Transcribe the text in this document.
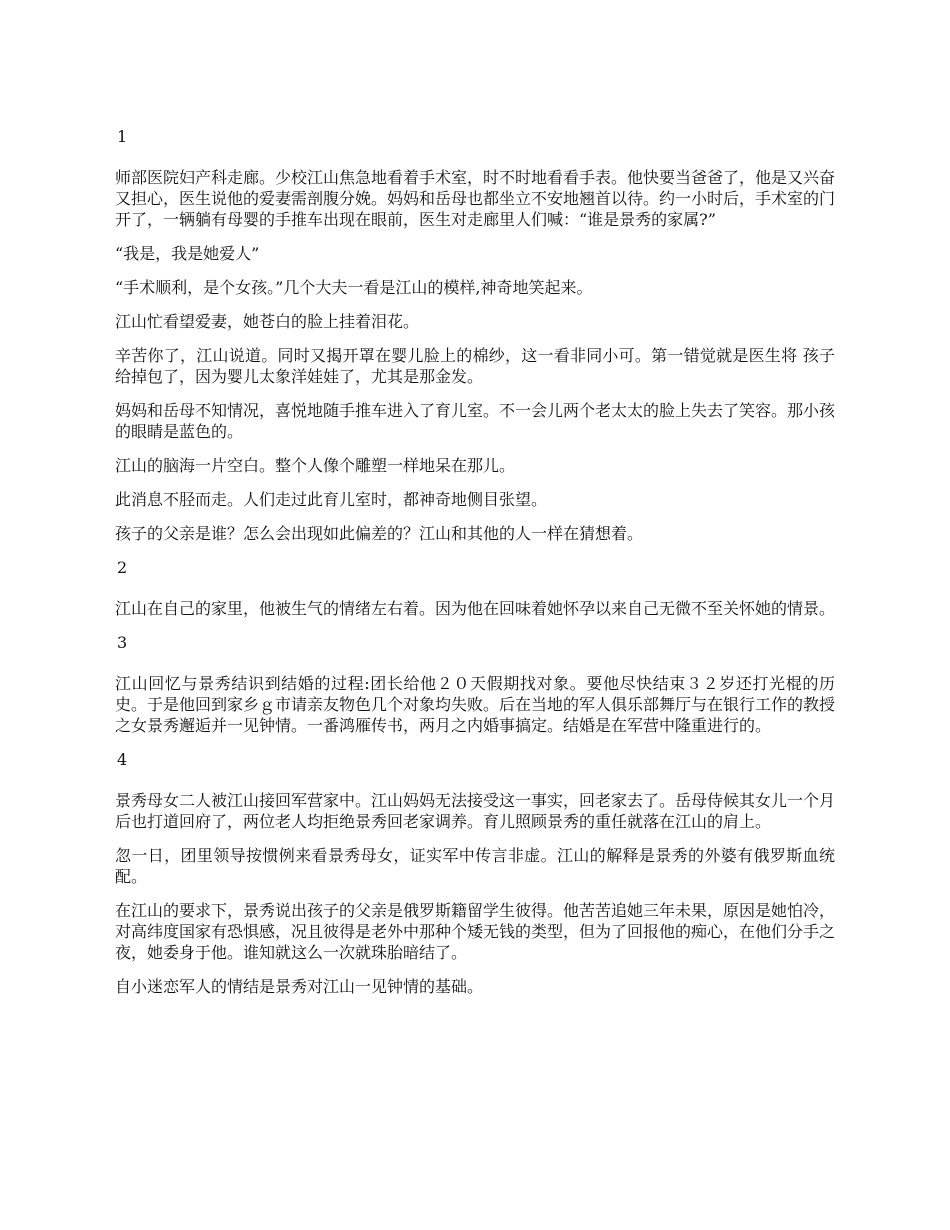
1

师部医院妇产科走廊。少校江山焦急地看着手术室，时不时地看看手表。他快要当爸爸了，他是又兴奋又担心，医生说他的爱妻需剖腹分娩。妈妈和岳母也都坐立不安地翘首以待。约一小时后，手术室的门开了，一辆躺有母婴的手推车出现在眼前，医生对走廊里人们喊：“谁是景秀的家属?”

“我是，我是她爱人”

“手术顺利，是个女孩。”几个大夫一看是江山的模样,神奇地笑起来。

江山忙看望爱妻，她苍白的脸上挂着泪花。

辛苦你了，江山说道。同时又揭开罩在婴儿脸上的棉纱，这一看非同小可。第一错觉就是医生将 孩子给掉包了，因为婴儿太象洋娃娃了，尤其是那金发。

妈妈和岳母不知情况，喜悦地随手推车进入了育儿室。不一会儿两个老太太的脸上失去了笑容。那小孩的眼睛是蓝色的。

江山的脑海一片空白。整个人像个雕塑一样地呆在那儿。

此消息不胫而走。人们走过此育儿室时，都神奇地侧目张望。

孩子的父亲是谁？怎么会出现如此偏差的？江山和其他的人一样在猜想着。

2

江山在自己的家里，他被生气的情绪左右着。因为他在回味着她怀孕以来自己无微不至关怀她的情景。

3

江山回忆与景秀结识到结婚的过程:团长给他２０天假期找对象。要他尽快结束３２岁还打光棍的历史。于是他回到家乡ｇ市请亲友物色几个对象均失败。后在当地的军人俱乐部舞厅与在银行工作的教授之女景秀邂逅并一见钟情。一番鸿雁传书，两月之内婚事搞定。结婚是在军营中隆重进行的。

4

景秀母女二人被江山接回军营家中。江山妈妈无法接受这一事实，回老家去了。岳母侍候其女儿一个月后也打道回府了，两位老人均拒绝景秀回老家调养。育儿照顾景秀的重任就落在江山的肩上。

忽一日，团里领导按惯例来看景秀母女，证实军中传言非虚。江山的解释是景秀的外婆有俄罗斯血统配。

在江山的要求下，景秀说出孩子的父亲是俄罗斯籍留学生彼得。他苦苦追她三年未果，原因是她怕冷，对高纬度国家有恐惧感，况且彼得是老外中那种个矮无钱的类型，但为了回报他的痴心，在他们分手之夜，她委身于他。谁知就这么一次就珠胎暗结了。

自小迷恋军人的情结是景秀对江山一见钟情的基础。
